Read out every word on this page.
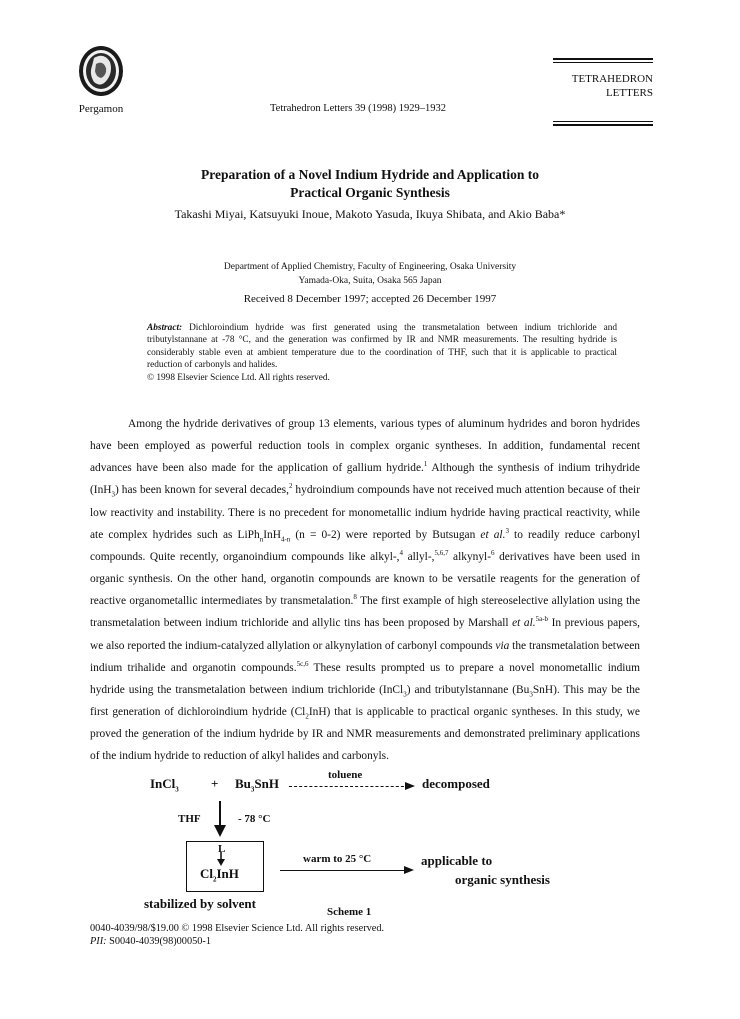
Pergamon	Tetrahedron Letters 39 (1998) 1929–1932
TETRAHEDRON
LETTERS
Preparation of a Novel Indium Hydride and Application to
Practical Organic Synthesis
Takashi Miyai, Katsuyuki Inoue, Makoto Yasuda, Ikuya Shibata, and Akio Baba*
Department of Applied Chemistry, Faculty of Engineering, Osaka University
Yamada-Oka, Suita, Osaka 565 Japan
Received 8 December 1997; accepted 26 December 1997
Abstract: Dichloroindium hydride was first generated using the transmetalation between indium trichloride and tributylstannane at -78 °C, and the generation was confirmed by IR and NMR measurements. The resulting hydride is considerably stable even at ambient temperature due to the coordination of THF, such that it is applicable to practical reduction of carbonyls and halides.
© 1998 Elsevier Science Ltd. All rights reserved.

Among the hydride derivatives of group 13 elements, various types of aluminum hydrides and boron hydrides have been employed as powerful reduction tools in complex organic syntheses. In addition, fundamental recent advances have been also made for the application of gallium hydride.$^1$ Although the synthesis of indium trihydride (InH$_3$) has been known for several decades,$^2$ hydroindium compounds have not received much attention because of their low reactivity and instability. There is no precedent for monometallic indium hydride having practical reactivity, while ate complex hydrides such as LiPh$_n$InH$_{4-n}$ (n = 0-2) were reported by Butsugan et al.$^3$ to readily reduce carbonyl compounds. Quite recently, organoindium compounds like alkyl-,$^4$ allyl-,$^{5,6,7}$ alkynyl-$^6$ derivatives have been used in organic synthesis. On the other hand, organotin compounds are known to be versatile reagents for the generation of reactive organometallic intermediates by transmetalation.$^8$ The first example of high stereoselective allylation using the transmetalation between indium trichloride and allylic tins has been proposed by Marshall et al.$^{5a-b}$ In previous papers, we also reported the indium-catalyzed allylation or alkynylation of carbonyl compounds via the transmetalation between indium trihalide and organotin compounds.$^{5c,6}$ These results prompted us to prepare a novel monometallic indium hydride using the transmetalation between indium trichloride (InCl$_3$) and tributylstannane $(Bu_3SnH)$. This may be the first generation of dichloroindium hydride $(Cl_2InH)$ that is applicable to practical organic syntheses. In this study, we proved the generation of the indium hydride by IR and NMR measurements and demonstrated preliminary applications of the indium hydride to reduction of alkyl halides and carbonyls.

InCl$_3$ + $Bu_3SnH$
toluene
decomposed
THF	- 78 °C
L
$Cl_2InH$
warm to 25 °C	applicable to
organic synthesis
stabilized by solvent
Scheme 1
0040-4039/98/$19.00 © 1998 Elsevier Science Ltd. All rights reserved.
PII: S0040-4039(98)00050-1
